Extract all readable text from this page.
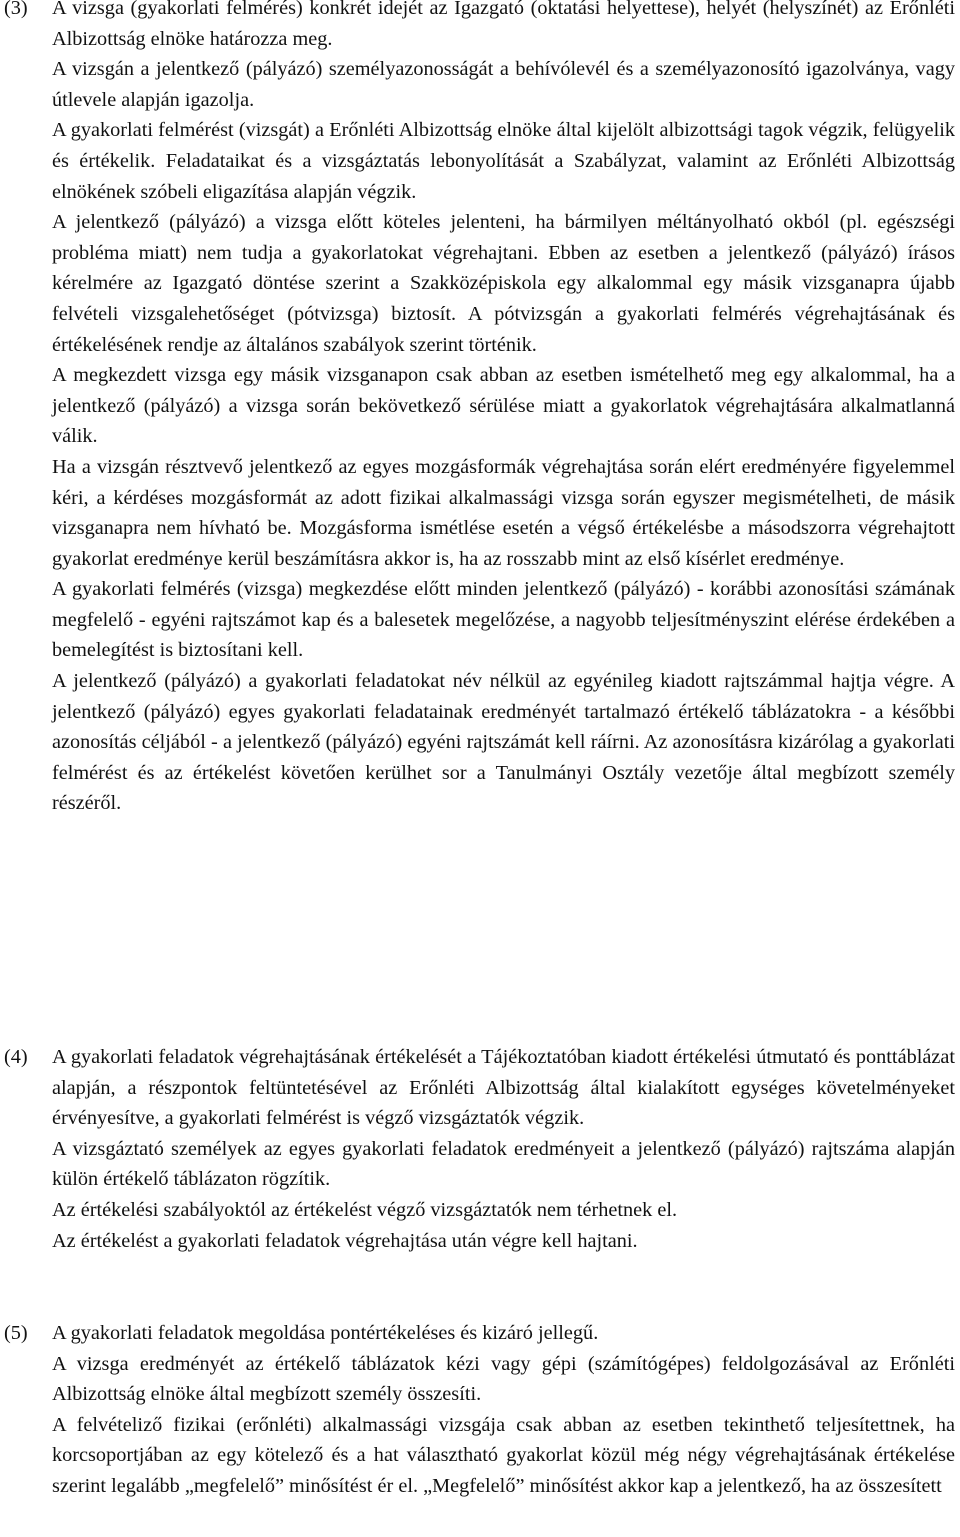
(3)	A vizsga (gyakorlati felmérés) konkrét idejét az Igazgató (oktatási helyettese), helyét (helyszínét) az Erőnléti Albizottság elnöke határozza meg.

A vizsgán a jelentkező (pályázó) személyazonosságát a behívólevél és a személyazonosító igazolványa, vagy útlevele alapján igazolja.

A gyakorlati felmérést (vizsgát) a Erőnléti Albizottság elnöke által kijelölt albizottsági tagok végzik, felügyelik és értékelik. Feladataikat és a vizsgáztatás lebonyolítását a Szabályzat, valamint az Erőnléti Albizottság elnökének szóbeli eligazítása alapján végzik.

A jelentkező (pályázó) a vizsga előtt köteles jelenteni, ha bármilyen méltányolható okból (pl. egészségi probléma miatt) nem tudja a gyakorlatokat végrehajtani. Ebben az esetben a jelentkező (pályázó) írásos kérelmére az Igazgató döntése szerint a Szakközépiskola egy alkalommal egy másik vizsganapra újabb felvételi vizsgalehetőséget (pótvizsga) biztosít. A pótvizsgán a gyakorlati felmérés végrehajtásának és értékelésének rendje az általános szabályok szerint történik.

A megkezdett vizsga egy másik vizsganapon csak abban az esetben ismételhető meg egy alkalommal, ha a jelentkező (pályázó) a vizsga során bekövetkező sérülése miatt a gyakorlatok végrehajtására alkalmatlanná válik.

Ha a vizsgán résztvevő jelentkező az egyes mozgásformák végrehajtása során elért eredményére figyelemmel kéri, a kérdéses mozgásformát az adott fizikai alkalmassági vizsga során egyszer megismételheti, de másik vizsganapra nem hívható be. Mozgásforma ismétlése esetén a végső értékelésbe a másodszorra végrehajtott gyakorlat eredménye kerül beszámításra akkor is, ha az rosszabb mint az első kísérlet eredménye.

A gyakorlati felmérés (vizsga) megkezdése előtt minden jelentkező (pályázó) - korábbi azonosítási számának megfelelő - egyéni rajtszámot kap és a balesetek megelőzése, a nagyobb teljesítményszint elérése érdekében a bemelegítést is biztosítani kell.

A jelentkező (pályázó) a gyakorlati feladatokat név nélkül az egyénileg kiadott rajtszámmal hajtja végre. A jelentkező (pályázó) egyes gyakorlati feladatainak eredményét tartalmazó értékelő táblázatokra - a későbbi azonosítás céljából - a jelentkező (pályázó) egyéni rajtszámát kell ráírni. Az azonosításra kizárólag a gyakorlati felmérést és az értékelést követően kerülhet sor a Tanulmányi Osztály vezetője által megbízott személy részéről.

(4)	A gyakorlati feladatok végrehajtásának értékelését a Tájékoztatóban kiadott értékelési útmutató és ponttáblázat alapján, a részpontok feltüntetésével az Erőnléti Albizottság által kialakított egységes követelményeket érvényesítve, a gyakorlati felmérést is végző vizsgáztatók végzik.

A vizsgáztató személyek az egyes gyakorlati feladatok eredményeit a jelentkező (pályázó) rajtszáma alapján külön értékelő táblázaton rögzítik.

Az értékelési szabályoktól az értékelést végző vizsgáztatók nem térhetnek el.

Az értékelést a gyakorlati feladatok végrehajtása után végre kell hajtani.

(5)	A gyakorlati feladatok megoldása pontértékeléses és kizáró jellegű.

A vizsga eredményét az értékelő táblázatok kézi vagy gépi (számítógépes) feldolgozásával az Erőnléti Albizottság elnöke által megbízott személy összesíti.

A felvételiző fizikai (erőnléti) alkalmassági vizsgája csak abban az esetben tekinthető teljesítettnek, ha korcsoportjában az egy kötelező és a hat választható gyakorlat közül még négy végrehajtásának értékelése szerint legalább „megfelelő” minősítést ér el. „Megfelelő” minősítést akkor kap a jelentkező, ha az összesített
